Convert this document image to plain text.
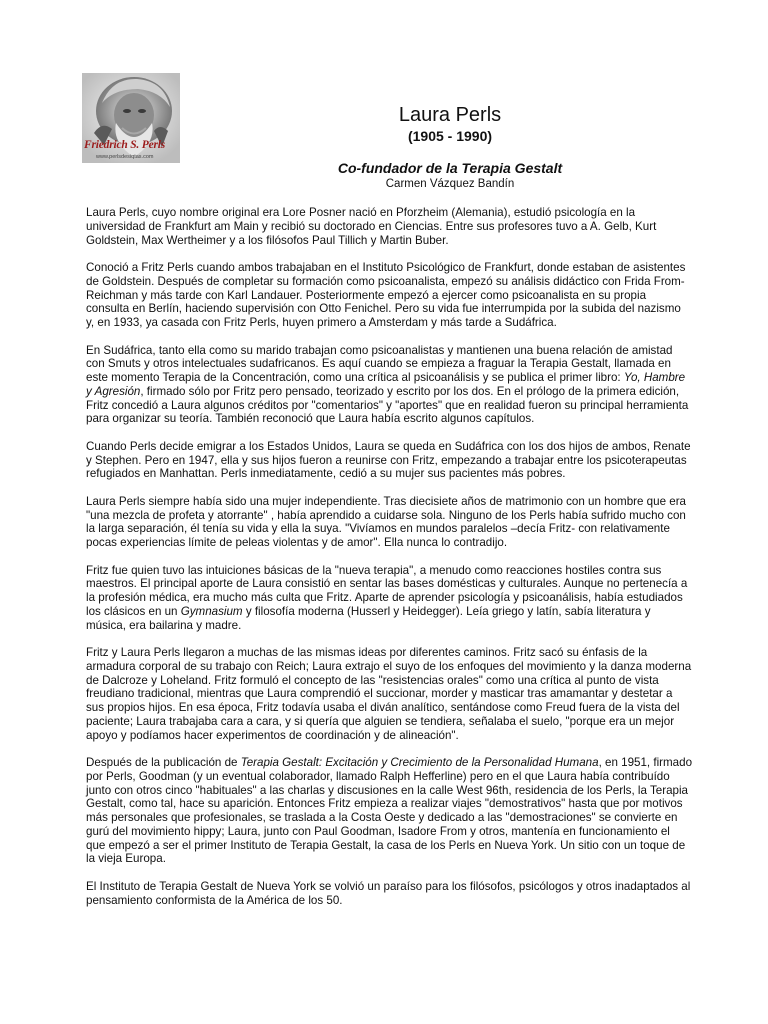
Friedrich S. Perls
www.perlsdesiqtas.com
Laura Perls
(1905 - 1990)
Co-fundador de la Terapia Gestalt
Carmen Vázquez Bandín

Laura Perls, cuyo nombre original era Lore Posner nació en Pforzheim (Alemania), estudió psicología en la universidad de Frankfurt am Main y recibió su doctorado en Ciencias. Entre sus profesores tuvo a A. Gelb, Kurt Goldstein, Max Wertheimer y a los filósofos Paul Tillich y Martin Buber.

Conoció a Fritz Perls cuando ambos trabajaban en el Instituto Psicológico de Frankfurt, donde estaban de asistentes de Goldstein. Después de completar su formación como psicoanalista, empezó su análisis didáctico con Frida From-Reichman y más tarde con Karl Landauer. Posteriormente empezó a ejercer como psicoanalista en su propia consulta en Berlín, haciendo supervisión con Otto Fenichel. Pero su vida fue interrumpida por la subida del nazismo y, en 1933, ya casada con Fritz Perls, huyen primero a Amsterdam y más tarde a Sudáfrica.

En Sudáfrica, tanto ella como su marido trabajan como psicoanalistas y mantienen una buena relación de amistad con Smuts y otros intelectuales sudafricanos. Es aquí cuando se empieza a fraguar la Terapia Gestalt, llamada en este momento Terapia de la Concentración, como una crítica al psicoanálisis y se publica el primer libro: Yo, Hambre y Agresión, firmado sólo por Fritz pero pensado, teorizado y escrito por los dos. En el prólogo de la primera edición, Fritz concedió a Laura algunos créditos por "comentarios" y "aportes" que en realidad fueron su principal herramienta para organizar su teoría. También reconoció que Laura había escrito algunos capítulos.

Cuando Perls decide emigrar a los Estados Unidos, Laura se queda en Sudáfrica con los dos hijos de ambos, Renate y Stephen. Pero en 1947, ella y sus hijos fueron a reunirse con Fritz, empezando a trabajar entre los psicoterapeutas refugiados en Manhattan. Perls inmediatamente, cedió a su mujer sus pacientes más pobres.

Laura Perls siempre había sido una mujer independiente. Tras diecisiete años de matrimonio con un hombre que era "una mezcla de profeta y atorrante" , había aprendido a cuidarse sola. Ninguno de los Perls había sufrido mucho con la larga separación, él tenía su vida y ella la suya. "Vivíamos en mundos paralelos –decía Fritz- con relativamente pocas experiencias límite de peleas violentas y de amor". Ella nunca lo contradijo.

Fritz fue quien tuvo las intuiciones básicas de la "nueva terapia", a menudo como reacciones hostiles contra sus maestros. El principal aporte de Laura consistió en sentar las bases domésticas y culturales. Aunque no pertenecía a la profesión médica, era mucho más culta que Fritz. Aparte de aprender psicología y psicoanálisis, había estudiados los clásicos en un Gymnasium y filosofía moderna (Husserl y Heidegger). Leía griego y latín, sabía literatura y música, era bailarina y madre.

Fritz y Laura Perls llegaron a muchas de las mismas ideas por diferentes caminos. Fritz sacó su énfasis de la armadura corporal de su trabajo con Reich; Laura extrajo el suyo de los enfoques del movimiento y la danza moderna de Dalcroze y Loheland. Fritz formuló el concepto de las "resistencias orales" como una crítica al punto de vista freudiano tradicional, mientras que Laura comprendió el succionar, morder y masticar tras amamantar y destetar a sus propios hijos. En esa época, Fritz todavía usaba el diván analítico, sentándose como Freud fuera de la vista del paciente; Laura trabajaba cara a cara, y si quería que alguien se tendiera, señalaba el suelo, "porque era un mejor apoyo y podíamos hacer experimentos de coordinación y de alineación".

Después de la publicación de Terapia Gestalt: Excitación y Crecimiento de la Personalidad Humana, en 1951, firmado por Perls, Goodman (y un eventual colaborador, llamado Ralph Hefferline) pero en el que Laura había contribuído junto con otros cinco "habituales" a las charlas y discusiones en la calle West 96th, residencia de los Perls, la Terapia Gestalt, como tal, hace su aparición. Entonces Fritz empieza a realizar viajes "demostrativos" hasta que por motivos más personales que profesionales, se traslada a la Costa Oeste y dedicado a las "demostraciones" se convierte en gurú del movimiento hippy; Laura, junto con Paul Goodman, Isadore From y otros, mantenía en funcionamiento el que empezó a ser el primer Instituto de Terapia Gestalt, la casa de los Perls en Nueva York. Un sitio con un toque de la vieja Europa.

El Instituto de Terapia Gestalt de Nueva York se volvió un paraíso para los filósofos, psicólogos y otros inadaptados al pensamiento conformista de la América de los 50.
